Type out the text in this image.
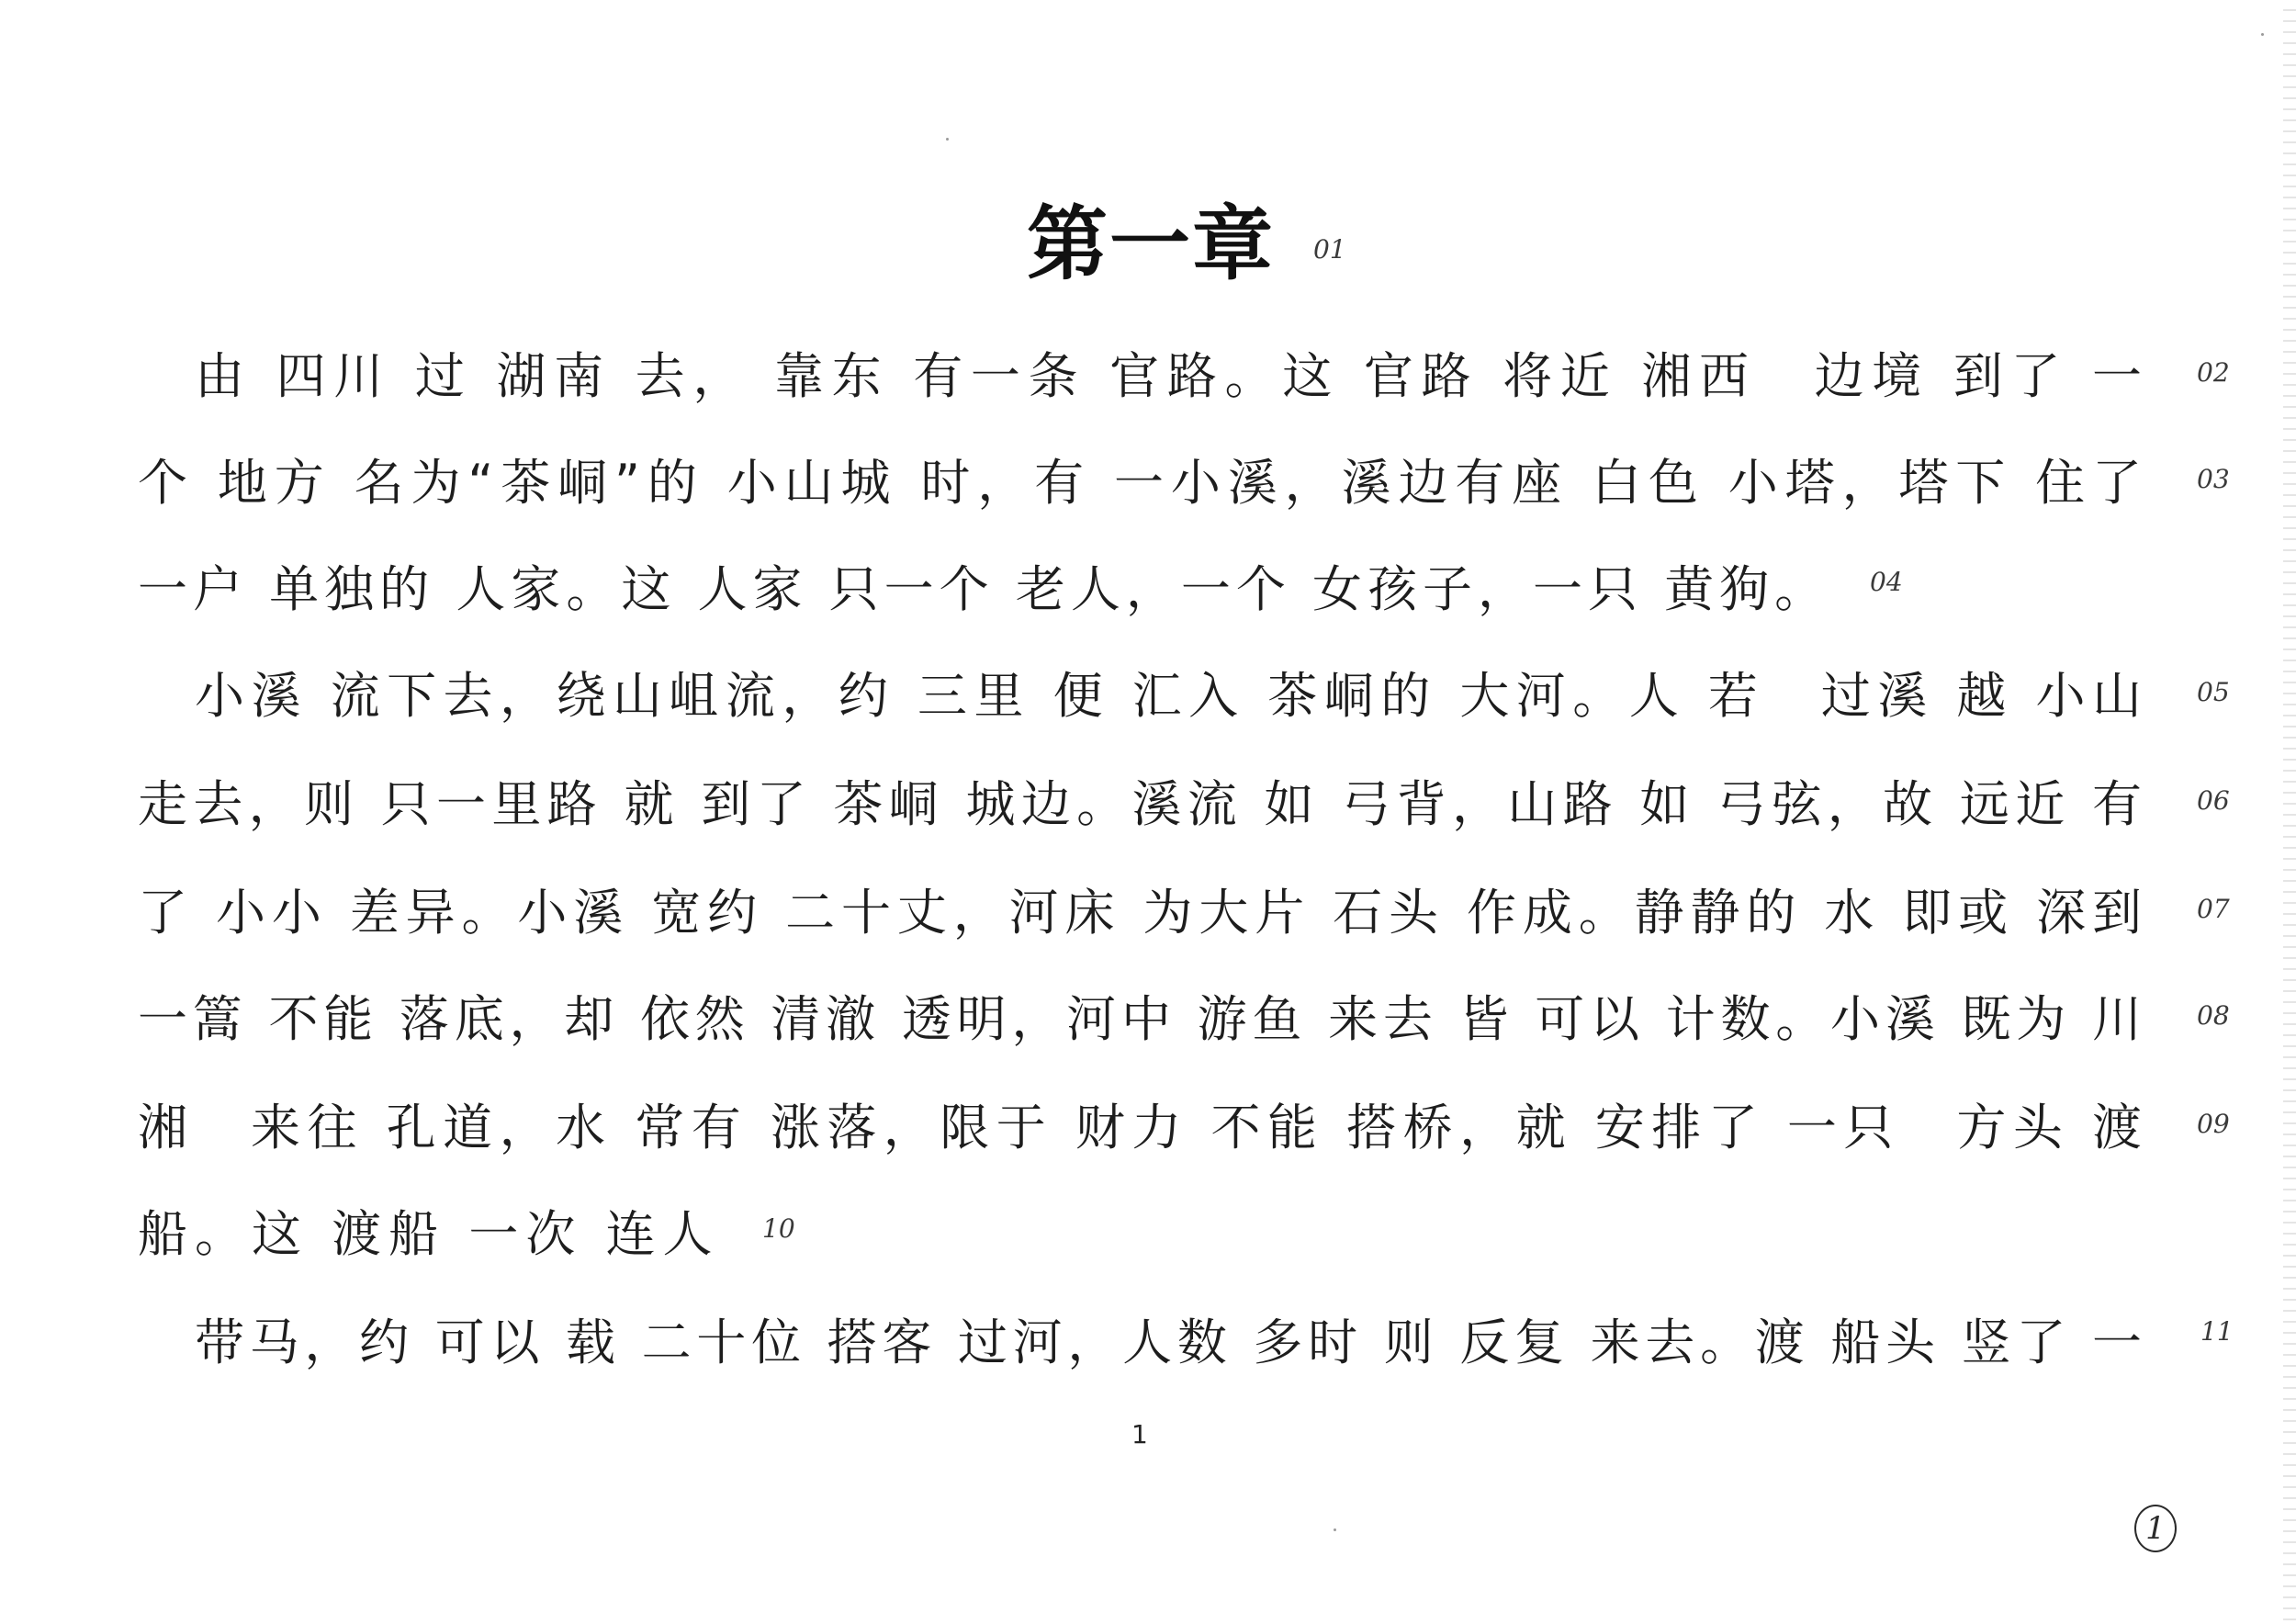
第一章 01
由 四川 过 湖南 去， 靠东 有一条 官路。这 官路 将近 湘西　边境 到了 一 02
个 地方 名为“茶峒”的 小山城 时，有 一小溪，溪边有座 白色 小塔，塔下 住了 03
一户 单独的 人家。这 人家 只一个 老人，一个 女孩子，一只 黄狗。 04
小溪 流下去，绕山岨流，约 三里 便 汇入 茶峒的 大河。人 若　过溪 越 小山 05
走去，则 只一里路 就 到了 茶峒 城边。溪流 如 弓背，山路 如 弓弦，故 远近 有 06
了 小小 差异。小溪 宽约 二十丈，河床 为大片 石头 作成。静静的 水 即或 深到 07
一篙 不能 落底，却 依然 清澈 透明，河中 游鱼 来去 皆 可以 计数。小溪 既为 川 08
湘　来往 孔道，水 常有 涨落，限于 财力 不能 搭桥，就 安排了 一只　方头 渡 09
船。这 渡船 一次 连人 10
带马，约 可以 载 二十位 搭客 过河，人数 多时 则 反复 来去。渡 船头 竖了 一 11
1
1
